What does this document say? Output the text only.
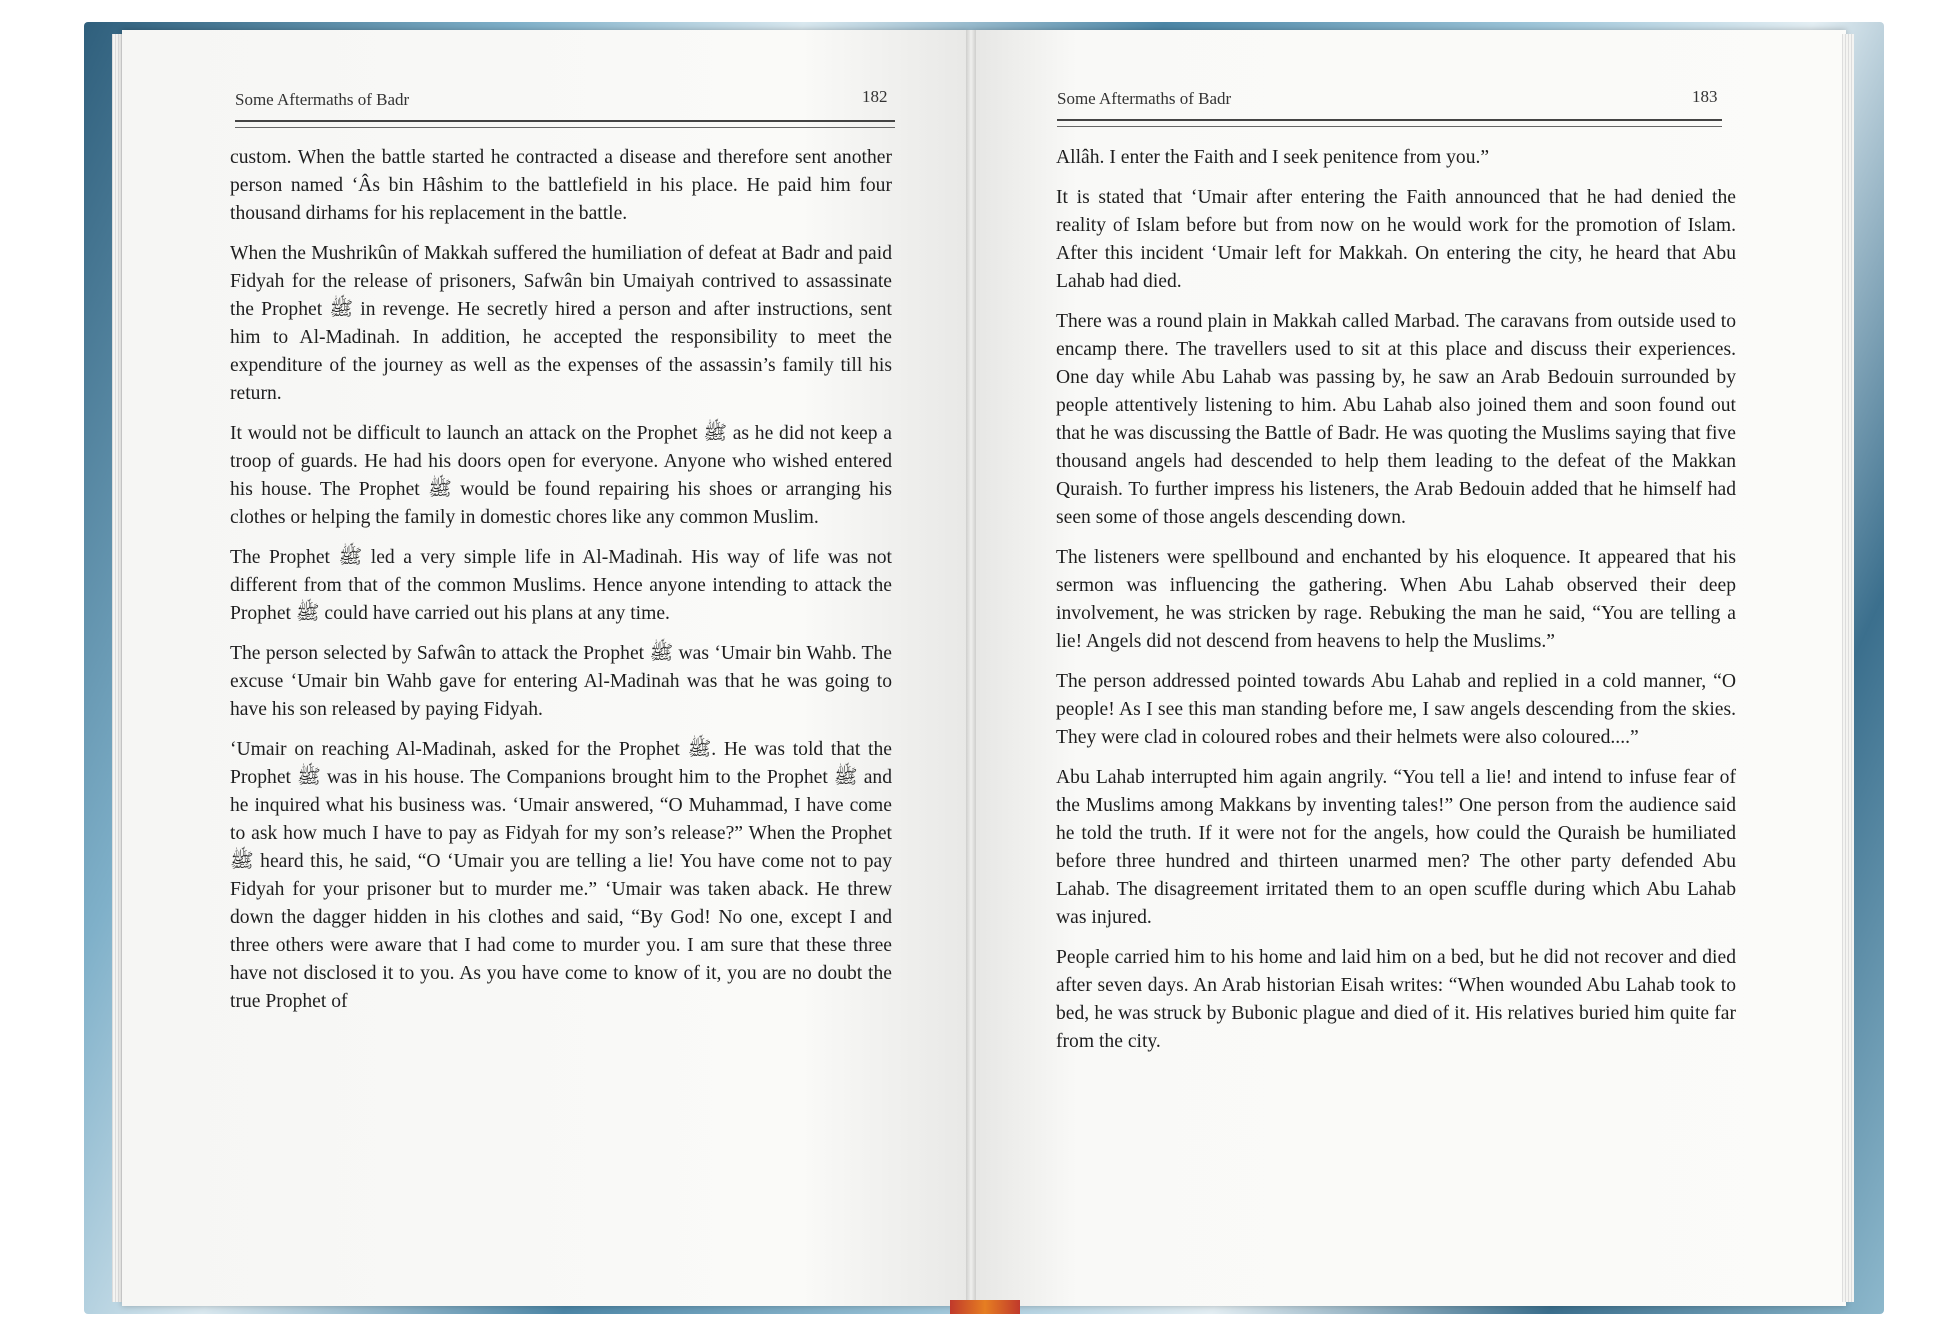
Some Aftermaths of Badr	182

custom. When the battle started he contracted a disease and therefore sent another person named ‘Âs bin Hâshim to the battlefield in his place. He paid him four thousand dirhams for his replacement in the battle.

When the Mushrikûn of Makkah suffered the humiliation of defeat at Badr and paid Fidyah for the release of prisoners, Safwân bin Umaiyah contrived to assassinate the Prophet ﷺ in revenge. He secretly hired a person and after instructions, sent him to Al-Madinah. In addition, he accepted the responsibility to meet the expenditure of the journey as well as the expenses of the assassin’s family till his return.

It would not be difficult to launch an attack on the Prophet ﷺ as he did not keep a troop of guards. He had his doors open for everyone. Anyone who wished entered his house. The Prophet ﷺ would be found repairing his shoes or arranging his clothes or helping the family in domestic chores like any common Muslim.

The Prophet ﷺ led a very simple life in Al-Madinah. His way of life was not different from that of the common Muslims. Hence anyone intending to attack the Prophet ﷺ could have carried out his plans at any time.

The person selected by Safwân to attack the Prophet ﷺ was ‘Umair bin Wahb. The excuse ‘Umair bin Wahb gave for entering Al-Madinah was that he was going to have his son released by paying Fidyah.

‘Umair on reaching Al-Madinah, asked for the Prophet ﷺ. He was told that the Prophet ﷺ was in his house. The Companions brought him to the Prophet ﷺ and he inquired what his business was. ‘Umair answered, “O Muhammad, I have come to ask how much I have to pay as Fidyah for my son’s release?” When the Prophet ﷺ heard this, he said, “O ‘Umair you are telling a lie! You have come not to pay Fidyah for your prisoner but to murder me.” ‘Umair was taken aback. He threw down the dagger hidden in his clothes and said, “By God! No one, except I and three others were aware that I had come to murder you. I am sure that these three have not disclosed it to you. As you have come to know of it, you are no doubt the true Prophet of

Some Aftermaths of Badr	183

Allâh. I enter the Faith and I seek penitence from you.”

It is stated that ‘Umair after entering the Faith announced that he had denied the reality of Islam before but from now on he would work for the promotion of Islam. After this incident ‘Umair left for Makkah. On entering the city, he heard that Abu Lahab had died.

There was a round plain in Makkah called Marbad. The caravans from outside used to encamp there. The travellers used to sit at this place and discuss their experiences. One day while Abu Lahab was passing by, he saw an Arab Bedouin surrounded by people attentively listening to him. Abu Lahab also joined them and soon found out that he was discussing the Battle of Badr. He was quoting the Muslims saying that five thousand angels had descended to help them leading to the defeat of the Makkan Quraish. To further impress his listeners, the Arab Bedouin added that he himself had seen some of those angels descending down.

The listeners were spellbound and enchanted by his eloquence. It appeared that his sermon was influencing the gathering. When Abu Lahab observed their deep involvement, he was stricken by rage. Rebuking the man he said, “You are telling a lie! Angels did not descend from heavens to help the Muslims.”

The person addressed pointed towards Abu Lahab and replied in a cold manner, “O people! As I see this man standing before me, I saw angels descending from the skies. They were clad in coloured robes and their helmets were also coloured....”

Abu Lahab interrupted him again angrily. “You tell a lie! and intend to infuse fear of the Muslims among Makkans by inventing tales!” One person from the audience said he told the truth. If it were not for the angels, how could the Quraish be humiliated before three hundred and thirteen unarmed men? The other party defended Abu Lahab. The disagreement irritated them to an open scuffle during which Abu Lahab was injured.

People carried him to his home and laid him on a bed, but he did not recover and died after seven days. An Arab historian Eisah writes: “When wounded Abu Lahab took to bed, he was struck by Bubonic plague and died of it. His relatives buried him quite far from the city.
